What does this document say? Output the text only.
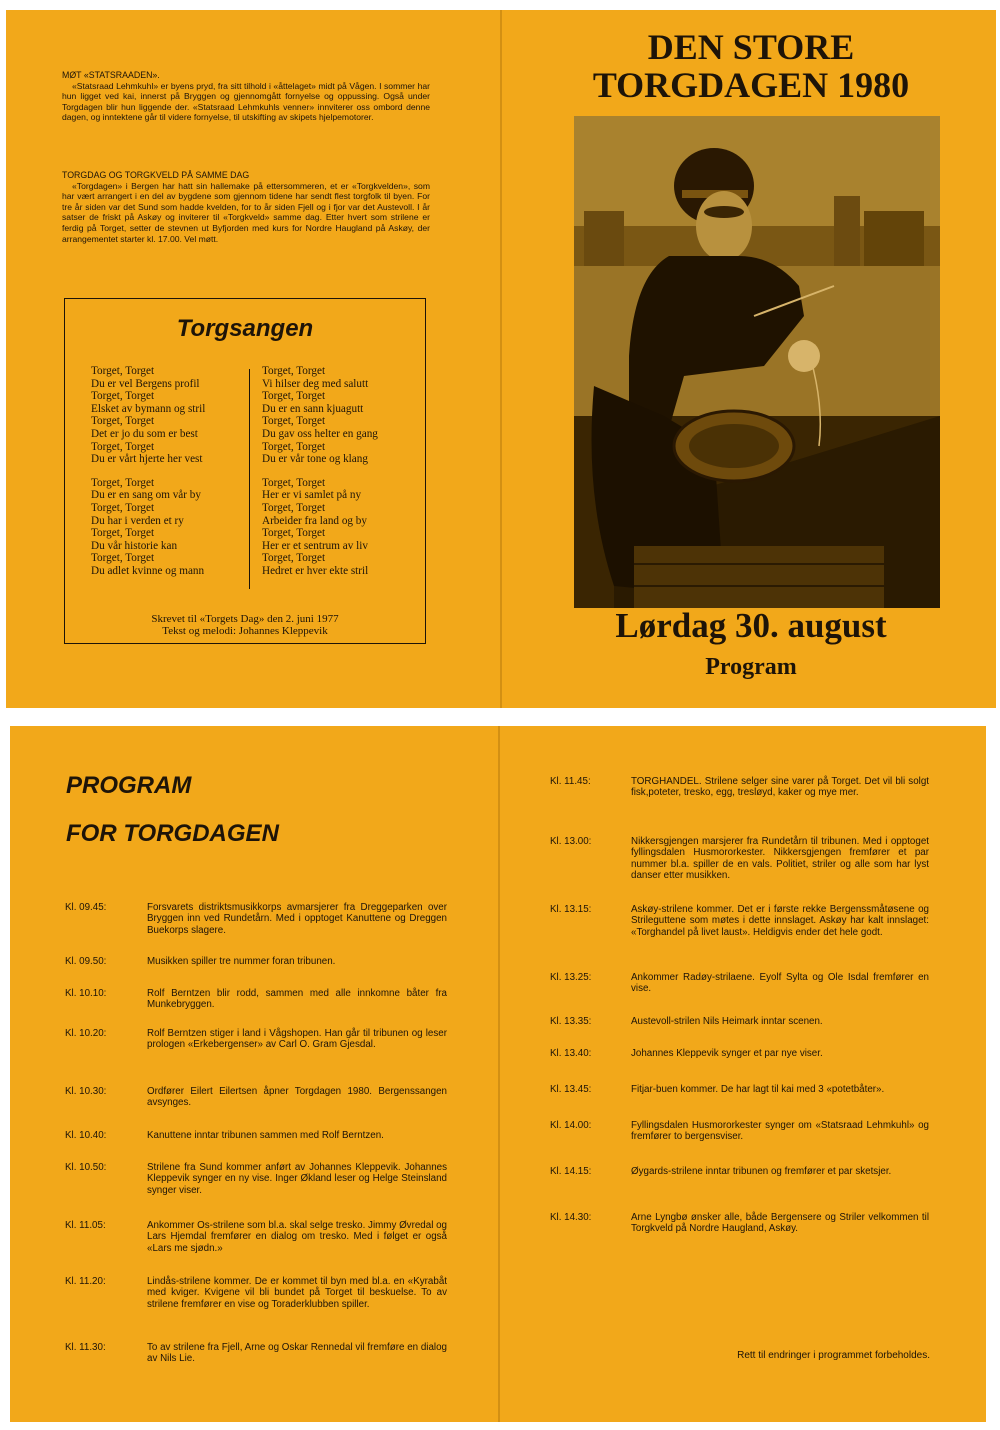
MØT «STATSRAADEN».

«Statsraad Lehmkuhl» er byens pryd, fra sitt tilhold i «åttelaget» midt på Vågen. I sommer har hun ligget ved kai, innerst på Bryggen og gjennomgått fornyelse og oppussing. Også under Torgdagen blir hun liggende der. «Statsraad Lehmkuhls venner» innviterer oss ombord denne dagen, og inntektene går til videre fornyelse, til utskifting av skipets hjelpemotorer.

TORGDAG OG TORGKVELD PÅ SAMME DAG

«Torgdagen» i Bergen har hatt sin hallemake på ettersommeren, et er «Torgkvelden», som har vært arrangert i en del av bygdene som gjennom tidene har sendt flest torgfolk til byen. For tre år siden var det Sund som hadde kvelden, for to år siden Fjell og i fjor var det Austevoll. I år satser de friskt på Askøy og inviterer til «Torgkveld» samme dag. Etter hvert som strilene er ferdig på Torget, setter de stevnen ut Byfjorden med kurs for Nordre Haugland på Askøy, der arrangementet starter kl. 17.00. Vel møtt.

Torgsangen
Torget, Torget
Du er vel Bergens profil
Torget, Torget
Elsket av bymann og stril
Torget, Torget
Det er jo du som er best
Torget, Torget
Du er vårt hjerte her vest
Torget, Torget
Du er en sang om vår by
Torget, Torget
Du har i verden et ry
Torget, Torget
Du vår historie kan
Torget, Torget
Du adlet kvinne og mann
Torget, Torget
Vi hilser deg med salutt
Torget, Torget
Du er en sann kjuagutt
Torget, Torget
Du gav oss helter en gang
Torget, Torget
Du er vår tone og klang
Torget, Torget
Her er vi samlet på ny
Torget, Torget
Arbeider fra land og by
Torget, Torget
Her er et sentrum av liv
Torget, Torget
Hedret er hver ekte stril
Skrevet til «Torgets Dag» den 2. juni 1977
Tekst og melodi: Johannes Kleppevik
DEN STORE
TORGDAGEN 1980
Lørdag 30. august
Program
PROGRAM
FOR TORGDAGEN
Kl. 09.45:	Forsvarets distriktsmusikkorps avmarsjerer fra Dreggeparken over Bryggen inn ved Rundetårn. Med i opptoget Kanuttene og Dreggen Buekorps slagere.
Kl. 09.50:	Musikken spiller tre nummer foran tribunen.
Kl. 10.10:	Rolf Berntzen blir rodd, sammen med alle innkomne båter fra Munkebryggen.
Kl. 10.20:	Rolf Berntzen stiger i land i Vågshopen. Han går til tribunen og leser prologen «Erkebergenser» av Carl O. Gram Gjesdal.
Kl. 10.30:	Ordfører Eilert Eilertsen åpner Torgdagen 1980. Bergenssangen avsynges.
Kl. 10.40:	Kanuttene inntar tribunen sammen med Rolf Berntzen.
Kl. 10.50:	Strilene fra Sund kommer anført av Johannes Kleppevik. Johannes Kleppevik synger en ny vise. Inger Økland leser og Helge Steinsland synger viser.
Kl. 11.05:	Ankommer Os-strilene som bl.a. skal selge tresko. Jimmy Øvredal og Lars Hjemdal fremfører en dialog om tresko. Med i følget er også «Lars me sjødn.»
Kl. 11.20:	Lindås-strilene kommer. De er kommet til byn med bl.a. en «Kyrabåt med kviger. Kvigene vil bli bundet på Torget til beskuelse. To av strilene fremfører en vise og Toraderklubben spiller.
Kl. 11.30:	To av strilene fra Fjell, Arne og Oskar Rennedal vil fremføre en dialog av Nils Lie.
Kl. 11.45:	TORGHANDEL. Strilene selger sine varer på Torget. Det vil bli solgt fisk,poteter, tresko, egg, tresløyd, kaker og mye mer.
Kl. 13.00:	Nikkersgjengen marsjerer fra Rundetårn til tribunen. Med i opptoget fyllingsdalen Husmororkester. Nikkersgjengen fremfører et par nummer bl.a. spiller de en vals. Politiet, striler og alle som har lyst danser etter musikken.
Kl. 13.15:	Askøy-strilene kommer. Det er i første rekke Bergenssmåtøsene og Strileguttene som møtes i dette innslaget. Askøy har kalt innslaget: «Torghandel på livet laust». Heldigvis ender det hele godt.
Kl. 13.25:	Ankommer Radøy-strilaene. Eyolf Sylta og Ole Isdal fremfører en vise.
Kl. 13.35:	Austevoll-strilen Nils Heimark inntar scenen.
Kl. 13.40:	Johannes Kleppevik synger et par nye viser.
Kl. 13.45:	Fitjar-buen kommer. De har lagt til kai med 3 «potetbåter».
Kl. 14.00:	Fyllingsdalen Husmororkester synger om «Statsraad Lehmkuhl» og fremfører to bergensviser.
Kl. 14.15:	Øygards-strilene inntar tribunen og fremfører et par sketsjer.
Kl. 14.30:	Arne Lyngbø ønsker alle, både Bergensere og Striler velkommen til Torgkveld på Nordre Haugland, Askøy.
Rett til endringer i programmet forbeholdes.
